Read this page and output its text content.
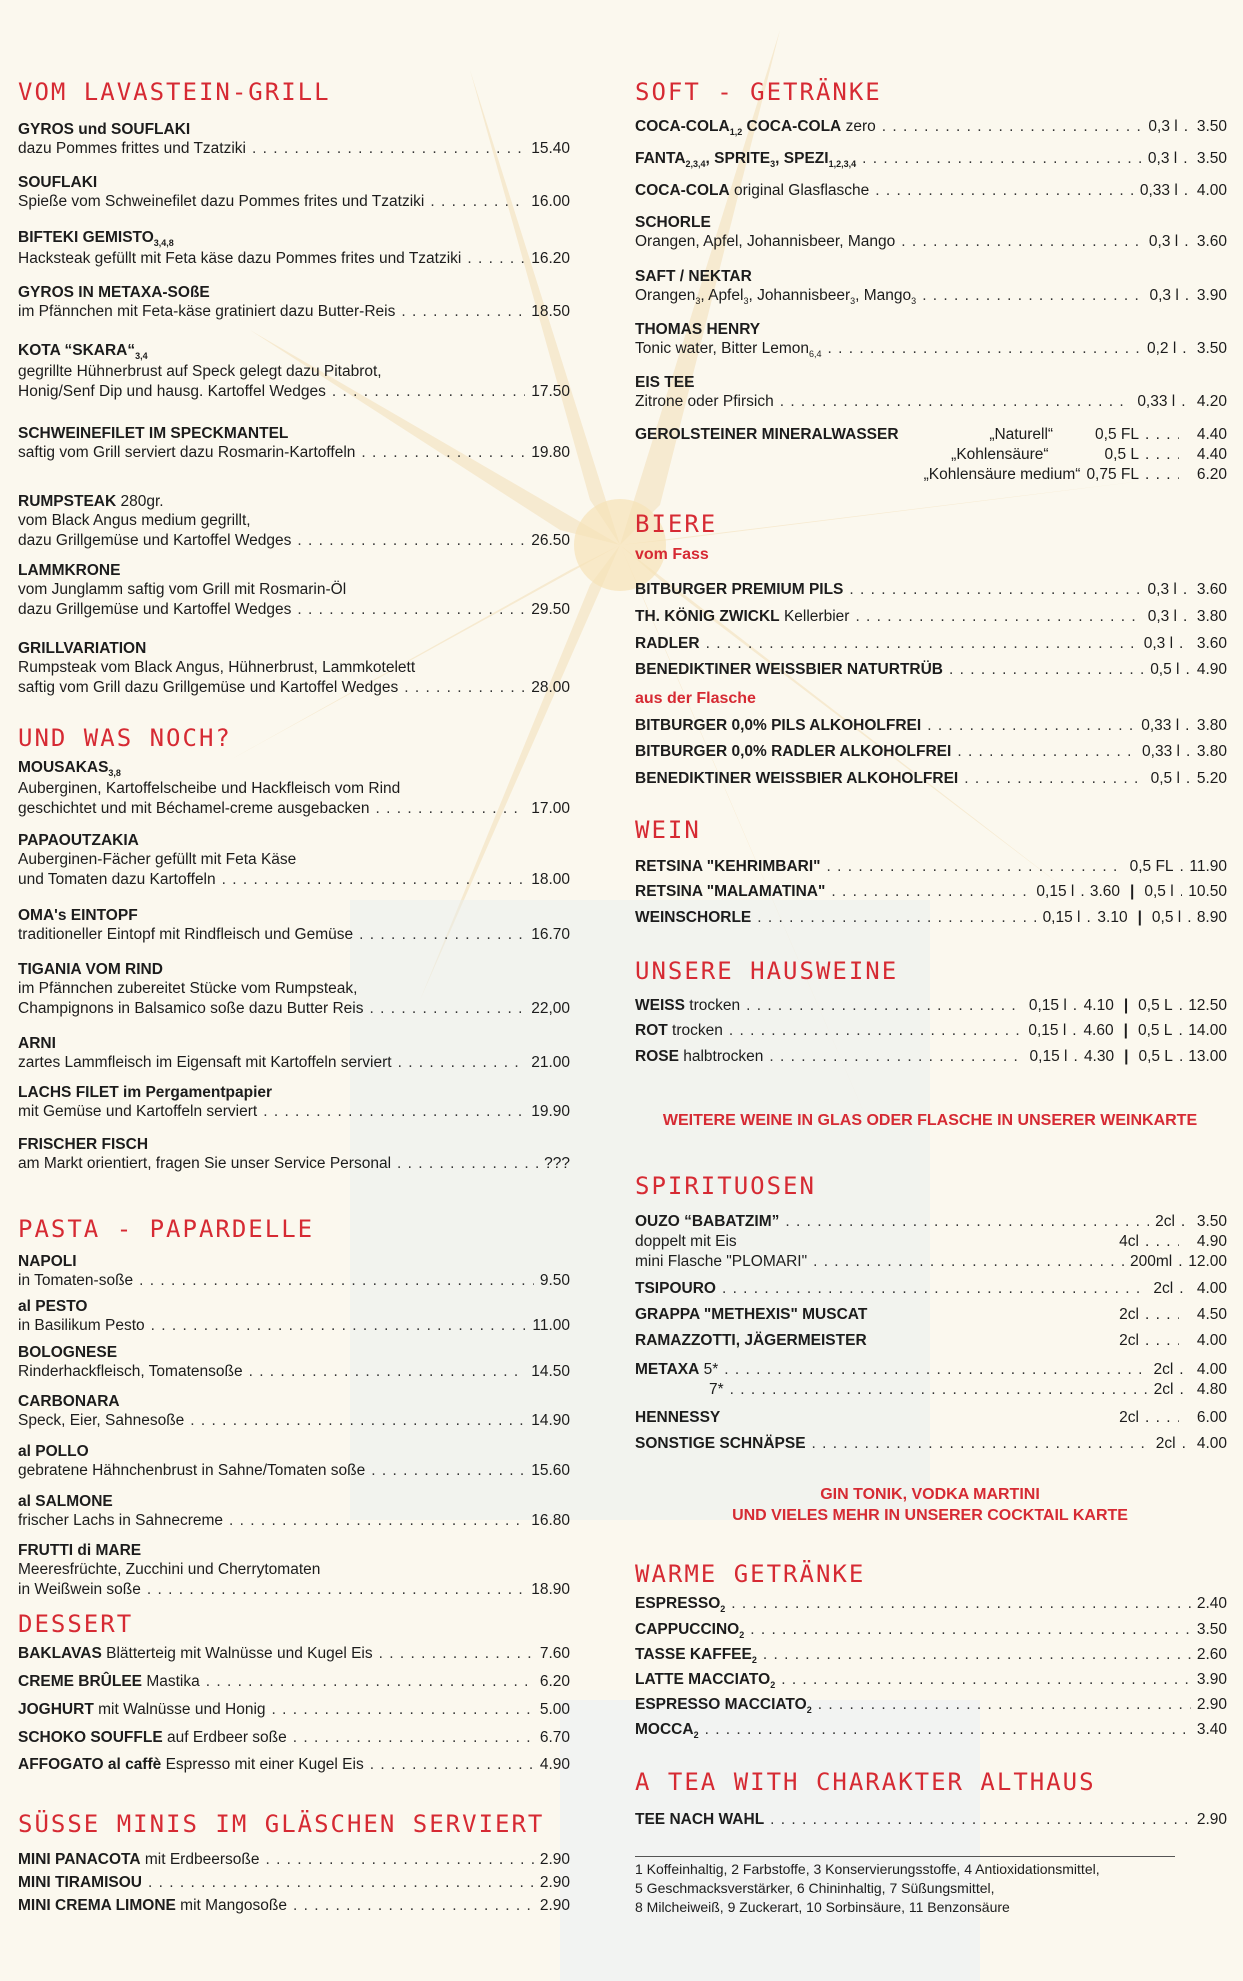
VOM LAVASTEIN-GRILL
GYROS und SOUFLAKI
dazu Pommes frittes und Tzatziki . . .	15.40
SOUFLAKI
Spieße vom Schweinefilet dazu Pommes frites und Tzatziki . . .	16.00
BIFTEKI $GEMISTO_{3,4,8}$
Hacksteak gefüllt mit Feta käse dazu Pommes frites und Tzatziki . . .	16.20
GYROS IN METAXA-SOßE
im Pfännchen mit Feta-käse gratiniert dazu Butter-Reis . . .	18.50
KOTA “$SKARA“_{3,4}$
gegrillte Hühnerbrust auf Speck gelegt dazu Pitabrot,
Honig/Senf Dip und hausg. Kartoffel Wedges . . .	17.50
SCHWEINEFILET IM SPECKMANTEL
saftig vom Grill serviert dazu Rosmarin-Kartoffeln . . .	19.80
RUMPSTEAK 280gr.
vom Black Angus medium gegrillt,
dazu Grillgemüse und Kartoffel Wedges . . .	26.50
LAMMKRONE
vom Junglamm saftig vom Grill mit Rosmarin-Öl
dazu Grillgemüse und Kartoffel Wedges . . .	29.50
GRILLVARIATION
Rumpsteak vom Black Angus, Hühnerbrust, Lammkotelett
saftig vom Grill dazu Grillgemüse und Kartoffel Wedges . . .	28.00
UND WAS NOCH?
$MOUSAKAS_{3,8}$
Auberginen, Kartoffelscheibe und Hackfleisch vom Rind
geschichtet und mit Béchamel-creme ausgebacken . . .	17.00
PAPAOUTZAKIA
Auberginen-Fächer gefüllt mit Feta Käse
und Tomaten dazu Kartoffeln . . .	18.00
OMA's EINTOPF
traditioneller Eintopf mit Rindfleisch und Gemüse . . .	16.70
TIGANIA VOM RIND
im Pfännchen zubereitet Stücke vom Rumpsteak,
Champignons in Balsamico soße dazu Butter Reis . . .	22,00
ARNI
zartes Lammfleisch im Eigensaft mit Kartoffeln serviert . . .	21.00
LACHS FILET im Pergamentpapier
mit Gemüse und Kartoffeln serviert . . .	19.90
FRISCHER FISCH
am Markt orientiert, fragen Sie unser Service Personal . . .	???
PASTA - PAPARDELLE
NAPOLI
in Tomaten-soße . . .	9.50
al PESTO
in Basilikum Pesto . . .	11.00
BOLOGNESE
Rinderhackfleisch, Tomatensoße . . .	14.50
CARBONARA
Speck, Eier, Sahnesoße . . .	14.90
al POLLO
gebratene Hähnchenbrust in Sahne/Tomaten soße . . .	15.60
al SALMONE
frischer Lachs in Sahnecreme . . .	16.80
FRUTTI di MARE
Meeresfrüchte, Zucchini und Cherrytomaten
in Weißwein soße . . .	18.90
DESSERT
BAKLAVAS Blätterteig mit Walnüsse und Kugel Eis . . .	7.60
CREME BRÛLEE Mastika . . .	6.20
JOGHURT mit Walnüsse und Honig . . .	5.00
SCHOKO SOUFFLE auf Erdbeer soße . . .	6.70
AFFOGATO al caffè Espresso mit einer Kugel Eis . . .	4.90
SÜSSE MINIS IM GLÄSCHEN SERVIERT
MINI PANACOTA mit Erdbeersoße . . .	2.90
MINI TIRAMISOU . . .	2.90
MINI CREMA LIMONE mit Mangosoße . . .	2.90
SOFT - GETRÄNKE
COCA-$COLA_{1,2}$ COCA-COLA zero . . .	0,3 l . . . 3.50
$FANTA_{2,3,4}$, $SPRITE_3$, $SPEZI_{1,2,3,4}$ . . .	0,3 l . . . 3.50
COCA-COLA original Glasflasche . . .	0,33 l . . . 4.00
SCHORLE
Orangen, Apfel, Johannisbeer, Mango . . .	0,3 l . . . 3.60
SAFT / NEKTAR
Orangen$_3$, Apfel$_3$, Johannisbeer$_3$, Mango$_3$ . . .	0,3 l . . . 3.90
THOMAS HENRY
Tonic water, Bitter Lemon$_{6,4}$ . . .	0,2 l . . . 3.50
EIS TEE
Zitrone oder Pfirsich . . .	0,33 l . . . 4.20
GEROLSTEINER MINERALWASSER	„Naturell“	0,5 FL . . .	4.40
„Kohlensäure“	0,5 L . . .	4.40
„Kohlensäure medium“ 0,75 FL . . .	6.20
BIERE
vom Fass
BITBURGER PREMIUM PILS . . .	0,3 l . . . 3.60
TH. KÖNIG ZWICKL Kellerbier . . .	0,3 l . . . 3.80
RADLER . . .	0,3 l . . . 3.60
BENEDIKTINER WEISSBIER NATURTRÜB . . .	0,5 l . . . 4.90
aus der Flasche
BITBURGER 0,0% PILS ALKOHOLFREI . . .	0,33 l . . . 3.80
BITBURGER 0,0% RADLER ALKOHOLFREI . . .	0,33 l . . . 3.80
BENEDIKTINER WEISSBIER ALKOHOLFREI . . .	0,5 l . . . 5.20
WEIN
RETSINA "KEHRIMBARI" . . .	0,5 FL . . . 11.90
RETSINA "MALAMATINA" . . .	0,15 l . . . 3.60 | 0,5 l . . . 10.50
WEINSCHORLE . . .	0,15 l . . . 3.10 | 0,5 l . . . 8.90
UNSERE HAUSWEINE
WEISS trocken . . .	0,15 l . . . 4.10 | 0,5 L . . . 12.50
ROT trocken . . .	0,15 l . . . 4.60 | 0,5 L . . . 14.00
ROSE halbtrocken . . .	0,15 l . . . 4.30 | 0,5 L . . . 13.00
WEITERE WEINE IN GLAS ODER FLASCHE IN UNSERER WEINKARTE
SPIRITUOSEN
OUZO “BABATZIM” . . .	2cl . . . 3.50
doppelt mit Eis	4cl . . .	4.90
mini Flasche "PLOMARI" . . .	200ml . . . 12.00
TSIPOURO . . .	2cl . . . 4.00
GRAPPA "METHEXIS" MUSCAT	2cl . . .	4.50
RAMAZZOTTI, JÄGERMEISTER	2cl . . .	4.00
METAXA 5* . . .	2cl . . . 4.00
7* . . .	2cl . . . 4.80
HENNESSY	2cl . . .	6.00
SONSTIGE SCHNÄPSE . . .	2cl . . . 4.00
GIN TONIK, VODKA MARTINI
UND VIELES MEHR IN UNSERER COCKTAIL KARTE
WARME GETRÄNKE
$ESPRESSO_2$ . . .	2.40
$CAPPUCCINO_2$ . . .	3.50
TASSE $KAFFEE_2$ . . .	2.60
LATTE $MACCIATO_2$ . . .	3.90
ESPRESSO $MACCIATO_2$ . . .	2.90
$MOCCA_2$ . . .	3.40
A TEA WITH CHARAKTER ALTHAUS
TEE NACH WAHL . . .	2.90
1 Koffeinhaltig, 2 Farbstoffe, 3 Konservierungsstoffe, 4 Antioxidationsmittel,
5 Geschmacksverstärker, 6 Chininhaltig, 7 Süßungsmittel,
8 Milcheiweiß, 9 Zuckerart, 10 Sorbinsäure, 11 Benzonsäure
